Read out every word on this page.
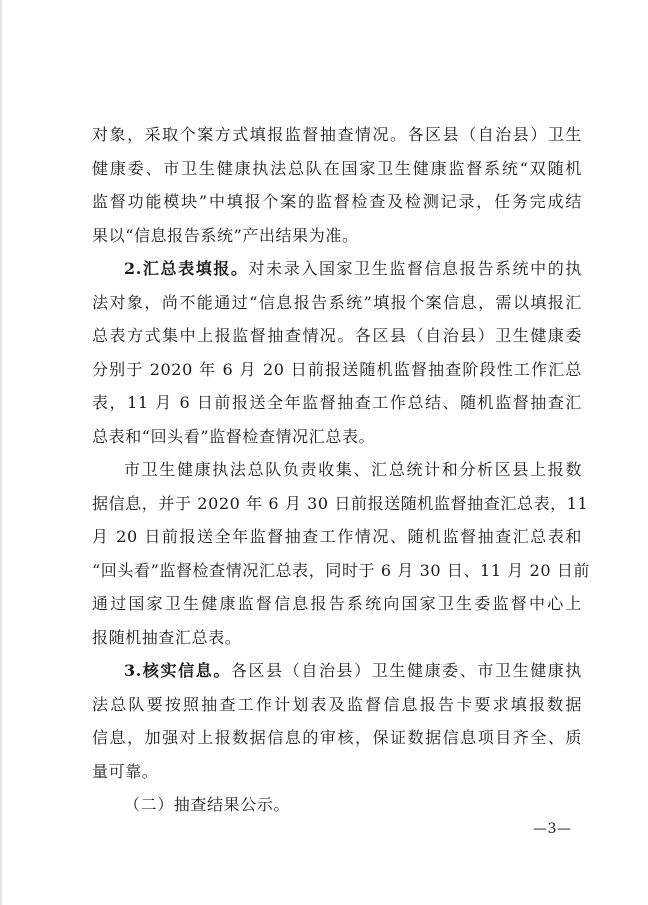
对象，采取个案方式填报监督抽查情况。各区县（自治县）卫生
健康委、市卫生健康执法总队在国家卫生健康监督系统“双随机
监督功能模块”中填报个案的监督检查及检测记录，任务完成结
果以“信息报告系统”产出结果为准。
2.汇总表填报。对未录入国家卫生监督信息报告系统中的执
法对象，尚不能通过“信息报告系统”填报个案信息，需以填报汇
总表方式集中上报监督抽查情况。各区县（自治县）卫生健康委
分别于 2020 年 6 月 20 日前报送随机监督抽查阶段性工作汇总
表，11 月 6 日前报送全年监督抽查工作总结、随机监督抽查汇
总表和“回头看”监督检查情况汇总表。
市卫生健康执法总队负责收集、汇总统计和分析区县上报数
据信息，并于 2020 年 6 月 30 日前报送随机监督抽查汇总表，11
月 20 日前报送全年监督抽查工作情况、随机监督抽查汇总表和
“回头看”监督检查情况汇总表，同时于 6 月 30 日、11 月 20 日前
通过国家卫生健康监督信息报告系统向国家卫生委监督中心上
报随机抽查汇总表。
3.核实信息。各区县（自治县）卫生健康委、市卫生健康执
法总队要按照抽查工作计划表及监督信息报告卡要求填报数据
信息，加强对上报数据信息的审核，保证数据信息项目齐全、质
量可靠。
（二）抽查结果公示。
—3—
